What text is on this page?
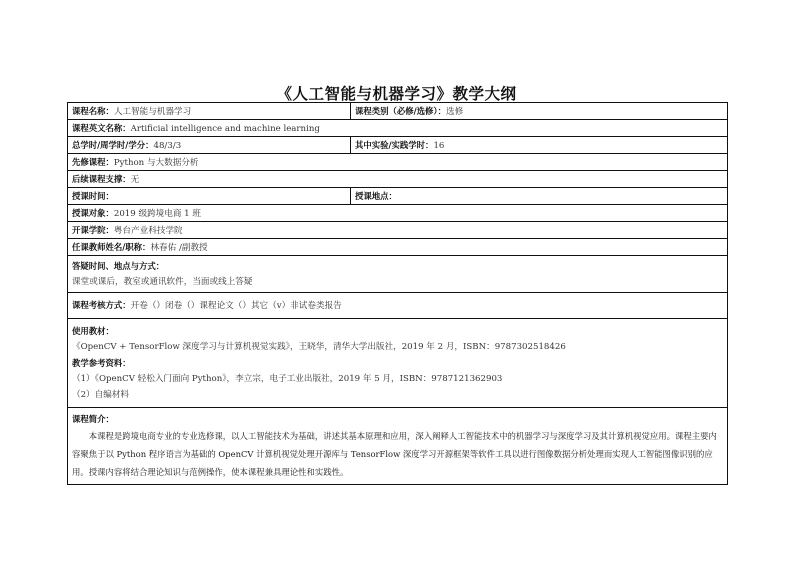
《人工智能与机器学习》教学大纲
课程名称：人工智能与机器学习	课程类别（必修/选修）：选修
课程英文名称：Artificial intelligence and machine learning	
总学时/周学时/学分：48/3/3	其中实验/实践学时：16
先修课程：Python 与大数据分析	
后续课程支撑：无	
授课时间：	授课地点：
授课对象：2019 级跨境电商 1 班	
开课学院：粤台产业科技学院	
任课教师姓名/职称：林春佑 /副教授	

答疑时间、地点与方式：
课堂或课后，教室或通讯软件，当面或线上答疑	

课程考核方式：开卷（）闭卷（）课程论文（）其它（v）非试卷类报告	

使用教材：
《OpenCV + TensorFlow 深度学习与计算机视觉实践》，王晓华，清华大学出版社，2019 年 2 月，ISBN：9787302518426
教学参考资料：
（1）《OpenCV 轻松入门面向 Python》，李立宗，电子工业出版社，2019 年 5 月，ISBN：9787121362903
（2）自编材料	

课程简介：
本课程是跨境电商专业的专业选修课，以人工智能技术为基础，讲述其基本原理和应用，深入阐释人工智能技术中的机器学习与深度学习及其计算机视觉应用。课程主要内容聚焦于以 Python 程序语言为基础的 OpenCV 计算机视觉处理开源库与 TensorFlow 深度学习开源框架等软件工具以进行图像数据分析处理而实现人工智能图像识别的应用。授课内容将结合理论知识与范例操作，使本课程兼具理论性和实践性。	
